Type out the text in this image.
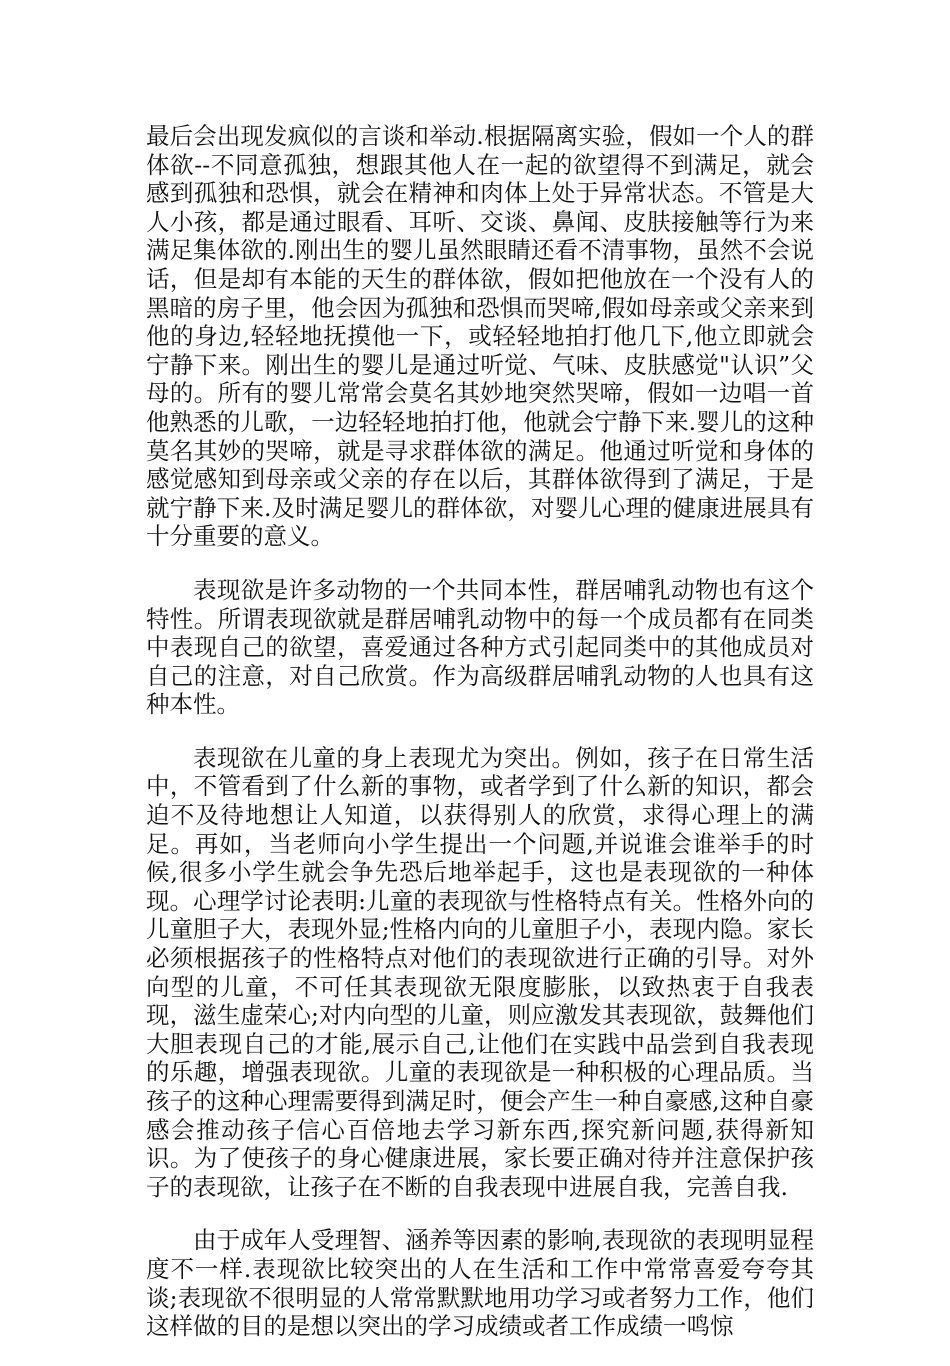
最后会出现发疯似的言谈和举动.根据隔离实验，假如一个人的群体欲--不同意孤独，想跟其他人在一起的欲望得不到满足，就会感到孤独和恐惧，就会在精神和肉体上处于异常状态。不管是大人小孩，都是通过眼看、耳听、交谈、鼻闻、皮肤接触等行为来满足集体欲的.刚出生的婴儿虽然眼睛还看不清事物，虽然不会说话，但是却有本能的天生的群体欲，假如把他放在一个没有人的黑暗的房子里，他会因为孤独和恐惧而哭啼,假如母亲或父亲来到他的身边,轻轻地抚摸他一下，或轻轻地拍打他几下,他立即就会宁静下来。刚出生的婴儿是通过听觉、气味、皮肤感觉"认识”父母的。所有的婴儿常常会莫名其妙地突然哭啼，假如一边唱一首他熟悉的儿歌，一边轻轻地拍打他，他就会宁静下来.婴儿的这种莫名其妙的哭啼，就是寻求群体欲的满足。他通过听觉和身体的感觉感知到母亲或父亲的存在以后，其群体欲得到了满足，于是就宁静下来.及时满足婴儿的群体欲，对婴儿心理的健康进展具有十分重要的意义。

表现欲是许多动物的一个共同本性，群居哺乳动物也有这个特性。所谓表现欲就是群居哺乳动物中的每一个成员都有在同类中表现自己的欲望，喜爱通过各种方式引起同类中的其他成员对自己的注意，对自己欣赏。作为高级群居哺乳动物的人也具有这种本性。

表现欲在儿童的身上表现尤为突出。例如，孩子在日常生活中，不管看到了什么新的事物，或者学到了什么新的知识，都会迫不及待地想让人知道，以获得别人的欣赏，求得心理上的满足。再如，当老师向小学生提出一个问题,并说谁会谁举手的时候,很多小学生就会争先恐后地举起手，这也是表现欲的一种体现。心理学讨论表明:儿童的表现欲与性格特点有关。性格外向的儿童胆子大，表现外显;性格内向的儿童胆子小，表现内隐。家长必须根据孩子的性格特点对他们的表现欲进行正确的引导。对外向型的儿童，不可任其表现欲无限度膨胀，以致热衷于自我表现，滋生虚荣心;对内向型的儿童，则应激发其表现欲，鼓舞他们大胆表现自己的才能,展示自己,让他们在实践中品尝到自我表现的乐趣，增强表现欲。儿童的表现欲是一种积极的心理品质。当孩子的这种心理需要得到满足时，便会产生一种自豪感,这种自豪感会推动孩子信心百倍地去学习新东西,探究新问题,获得新知识。为了使孩子的身心健康进展，家长要正确对待并注意保护孩子的表现欲，让孩子在不断的自我表现中进展自我，完善自我.

由于成年人受理智、涵养等因素的影响,表现欲的表现明显程度不一样.表现欲比较突出的人在生活和工作中常常喜爱夸夸其谈;表现欲不很明显的人常常默默地用功学习或者努力工作，他们这样做的目的是想以突出的学习成绩或者工作成绩一鸣惊
